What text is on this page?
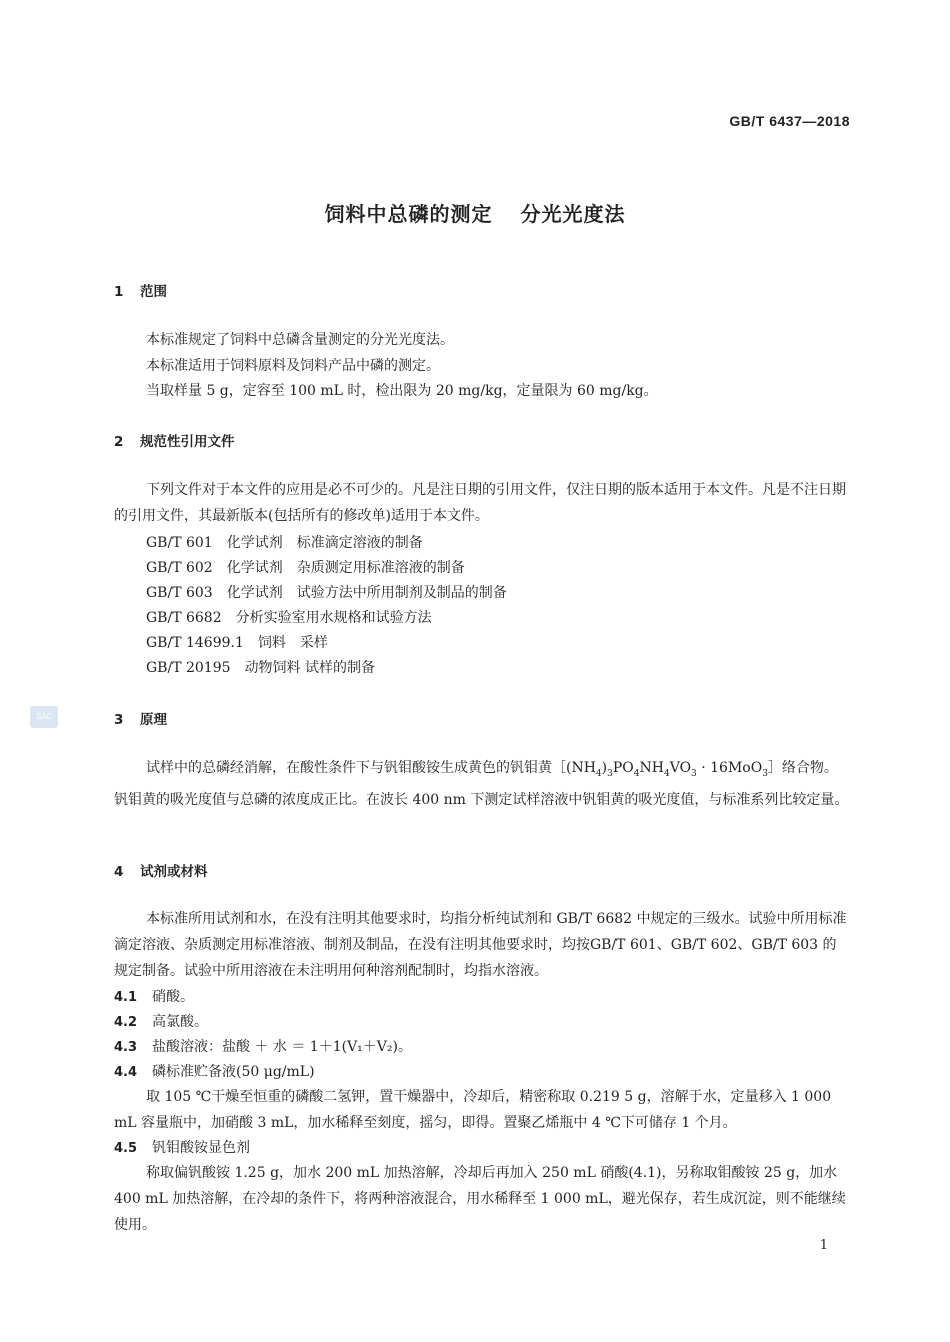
GB/T 6437—2018
饲料中总磷的测定 分光光度法
1 范围
本标准规定了饲料中总磷含量测定的分光光度法。
本标准适用于饲料原料及饲料产品中磷的测定。
当取样量 5 g，定容至 100 mL 时，检出限为 20 mg/kg，定量限为 60 mg/kg。
2 规范性引用文件
下列文件对于本文件的应用是必不可少的。凡是注日期的引用文件，仅注日期的版本适用于本文件。凡是不注日期的引用文件，其最新版本(包括所有的修改单)适用于本文件。
GB/T 601　化学试剂　标准滴定溶液的制备
GB/T 602　化学试剂　杂质测定用标准溶液的制备
GB/T 603　化学试剂　试验方法中所用制剂及制品的制备
GB/T 6682　分析实验室用水规格和试验方法
GB/T 14699.1　饲料　采样
GB/T 20195　动物饲料 试样的制备
SAC	3 原理
试样中的总磷经消解，在酸性条件下与钒钼酸铵生成黄色的钒钼黄$[(NH_4)_3PO_4NH_4VO_3$ · 16MoO$_3$］络合物。钒钼黄的吸光度值与总磷的浓度成正比。在波长 400 nm 下测定试样溶液中钒钼黄的吸光度值，与标准系列比较定量。
4 试剂或材料
本标准所用试剂和水，在没有注明其他要求时，均指分析纯试剂和 GB/T 6682 中规定的三级水。试验中所用标准滴定溶液、杂质测定用标准溶液、制剂及制品，在没有注明其他要求时，均按GB/T 601、GB/T 602、GB/T 603 的规定制备。试验中所用溶液在未注明用何种溶剂配制时，均指水溶液。
4.1 硝酸。
4.2 高氯酸。
4.3 盐酸溶液：盐酸 ＋ 水 ＝ 1＋1(V₁＋V₂)。
4.4 磷标准贮备液(50 μg/mL)
取 105 ℃干燥至恒重的磷酸二氢钾，置干燥器中，冷却后，精密称取 0.219 5 g，溶解于水，定量移入 1 000 mL 容量瓶中，加硝酸 3 mL，加水稀释至刻度，摇匀，即得。置聚乙烯瓶中 4 ℃下可储存 1 个月。
4.5 钒钼酸铵显色剂
称取偏钒酸铵 1.25 g，加水 200 mL 加热溶解，冷却后再加入 250 mL 硝酸(4.1)，另称取钼酸铵 25 g，加水 400 mL 加热溶解，在冷却的条件下，将两种溶液混合，用水稀释至 1 000 mL，避光保存，若生成沉淀，则不能继续使用。
1
